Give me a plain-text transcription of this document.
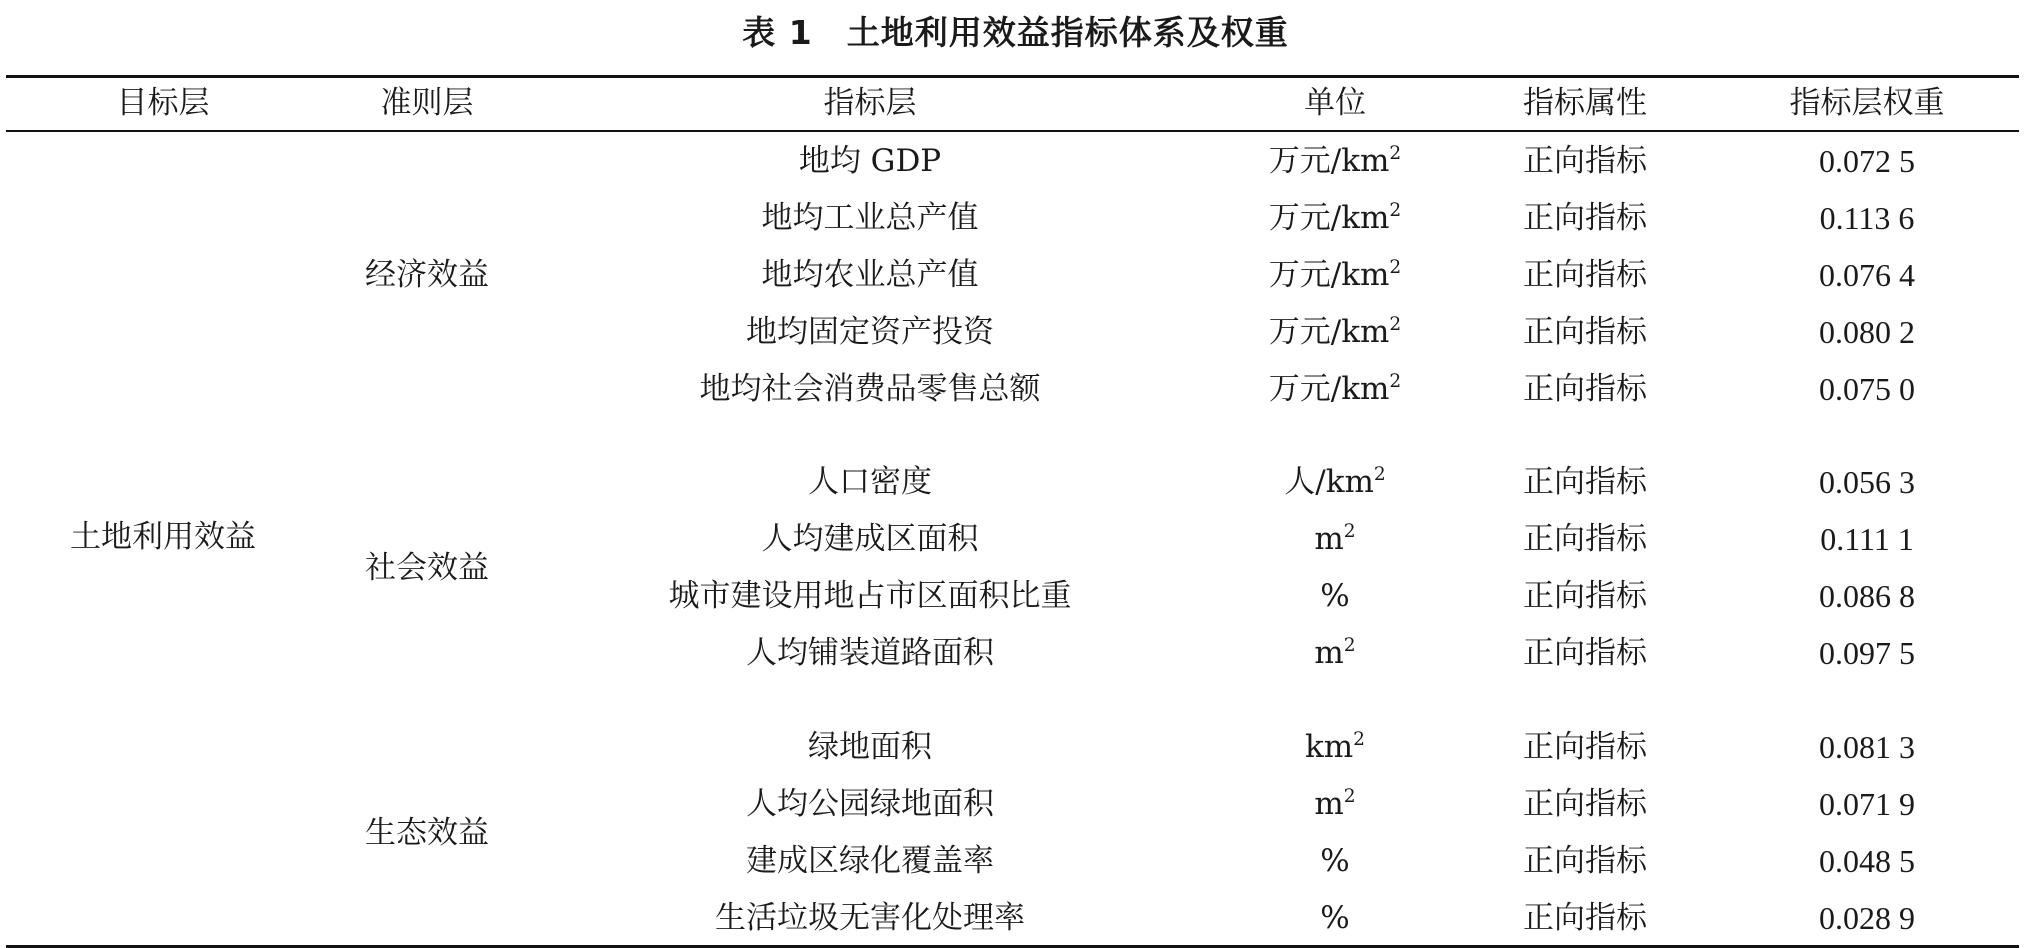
表 1 土地利用效益指标体系及权重
目标层	准则层	指标层	单位	指标属性	指标层权重
经济效益
地均 GDP	万元$/km^2$	正向指标	0.072 5
地均工业总产值	万元$/km^2$	正向指标	0.113 6
地均农业总产值	万元$/km^2$	正向指标	0.076 4
地均固定资产投资	万元$/km^2$	正向指标	0.080 2
地均社会消费品零售总额	万元$/km^2$	正向指标	0.075 0
社会效益
人口密度	人$/km^2$	正向指标	0.056 3
人均建成区面积	$m^2$	正向指标	0.111 1
城市建设用地占市区面积比重	%	正向指标	0.086 8
人均铺装道路面积	$m^2$	正向指标	0.097 5
生态效益
绿地面积	$km^2$	正向指标	0.081 3
人均公园绿地面积	$m^2$	正向指标	0.071 9
建成区绿化覆盖率	%	正向指标	0.048 5
生活垃圾无害化处理率	%	正向指标	0.028 9
土地利用效益
